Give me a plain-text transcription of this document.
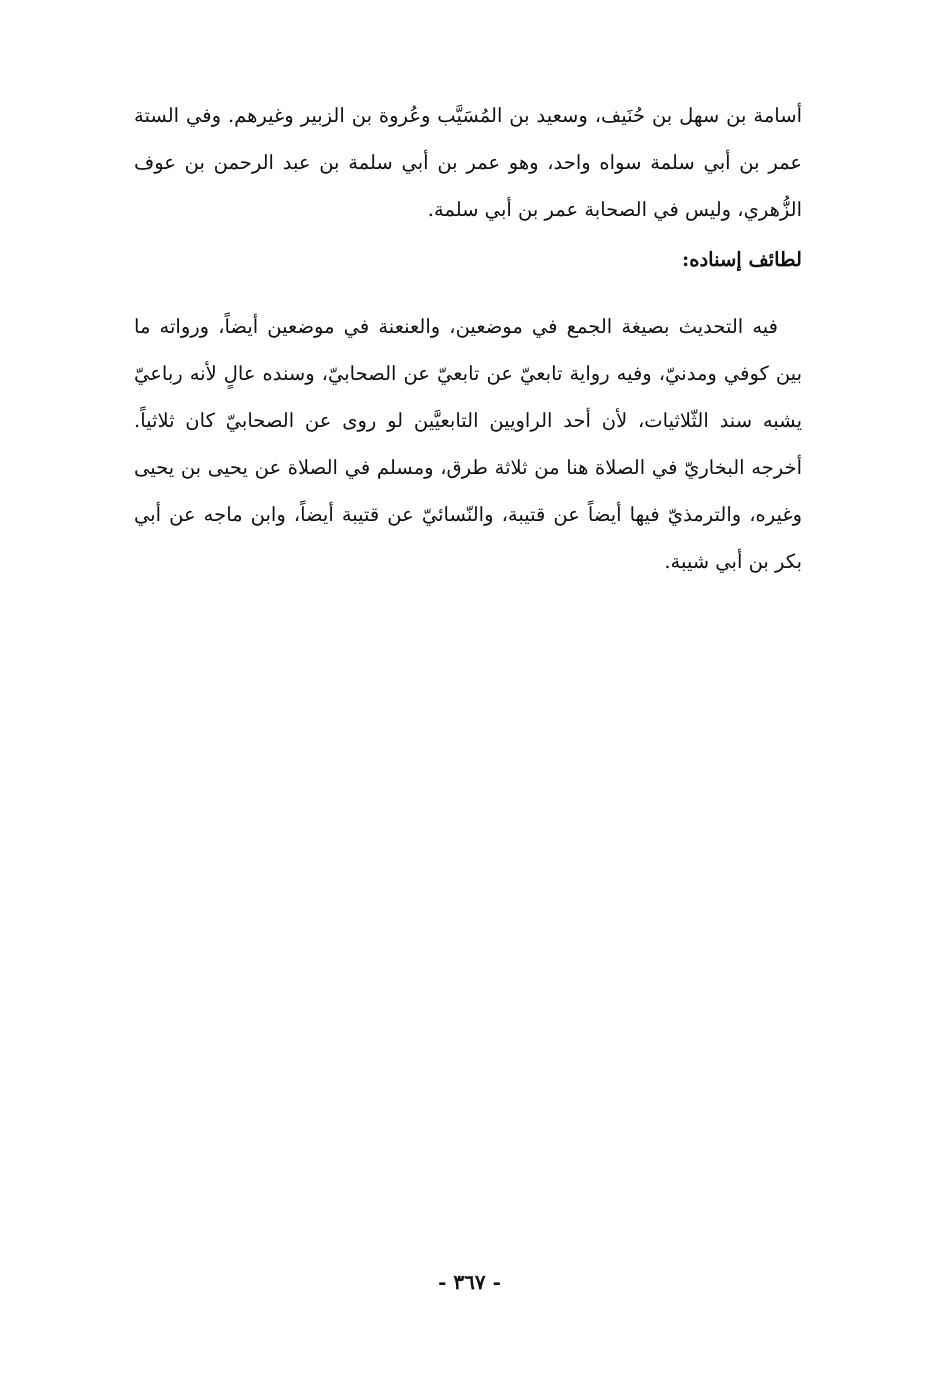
أسامة بن سهل بن حُنَيف، وسعيد بن المُسَيَّب وعُروة بن الزبير وغيرهم. وفي الستة عمر بن أبي سلمة سواه واحد، وهو عمر بن أبي سلمة بن عبد الرحمن بن عوف الزُّهري، وليس في الصحابة عمر بن أبي سلمة.

لطائف إسناده:

فيه التحديث بصيغة الجمع في موضعين، والعنعنة في موضعين أيضاً، ورواته ما بين كوفي ومدنيّ، وفيه رواية تابعيّ عن تابعيّ عن الصحابيّ، وسنده عالٍ لأنه رباعيّ يشبه سند الثّلاثيات، لأن أحد الراويين التابعيَّين لو روى عن الصحابيّ كان ثلاثياً. أخرجه البخاريّ في الصلاة هنا من ثلاثة طرق، ومسلم في الصلاة عن يحيى بن يحيى وغيره، والترمذيّ فيها أيضاً عن قتيبة، والنّسائيّ عن قتيبة أيضاً، وابن ماجه عن أبي بكر بن أبي شيبة.

- ٣٦٧ -
